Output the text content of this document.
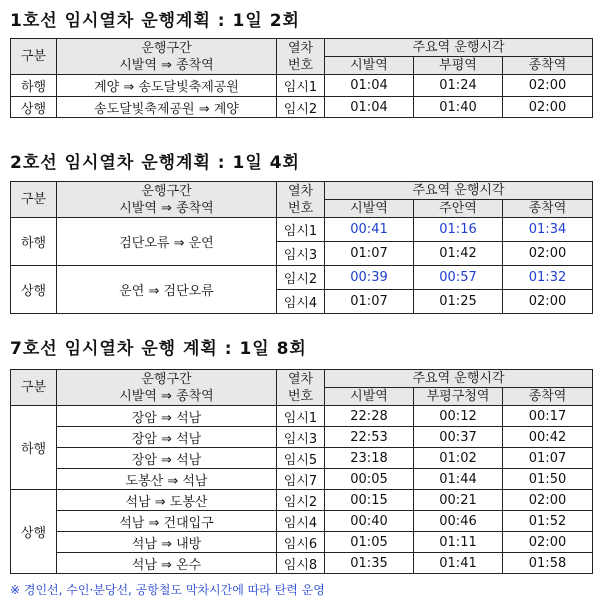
1호선 임시열차 운행계획 : 1일 2회
구분	운행구간
시발역 ⇒ 종착역	열차
번호	주요역 운행시각		
			시발역	부평역	종착역
하행	계양 ⇒ 송도달빛축제공원	임시1	01:04	01:24	02:00
상행	송도달빛축제공원 ⇒ 계양	임시2	01:04	01:40	02:00
2호선 임시열차 운행계획 : 1일 4회
구분	운행구간
시발역 ⇒ 종착역	열차
번호	주요역 운행시각		
			시발역	주안역	종착역
하행	검단오류 ⇒ 운연	임시1	00:41	01:16	01:34
		임시3	01:07	01:42	02:00
상행	운연 ⇒ 검단오류	임시2	00:39	00:57	01:32
		임시4	01:07	01:25	02:00
7호선 임시열차 운행 계획 : 1일 8회
구분	운행구간
시발역 ⇒ 종착역	열차
번호	주요역 운행시각		
			시발역	부평구청역	종착역
하행	장암 ⇒ 석남	임시1	22:28	00:12	00:17
	장암 ⇒ 석남	임시3	22:53	00:37	00:42
	장암 ⇒ 석남	임시5	23:18	01:02	01:07
	도봉산 ⇒ 석남	임시7	00:05	01:44	01:50
상행	석남 ⇒ 도봉산	임시2	00:15	00:21	02:00
	석남 ⇒ 건대입구	임시4	00:40	00:46	01:52
	석남 ⇒ 내방	임시6	01:05	01:11	02:00
	석남 ⇒ 온수	임시8	01:35	01:41	01:58
※ 경인선, 수인·분당선, 공항철도 막차시간에 따라 탄력 운영
